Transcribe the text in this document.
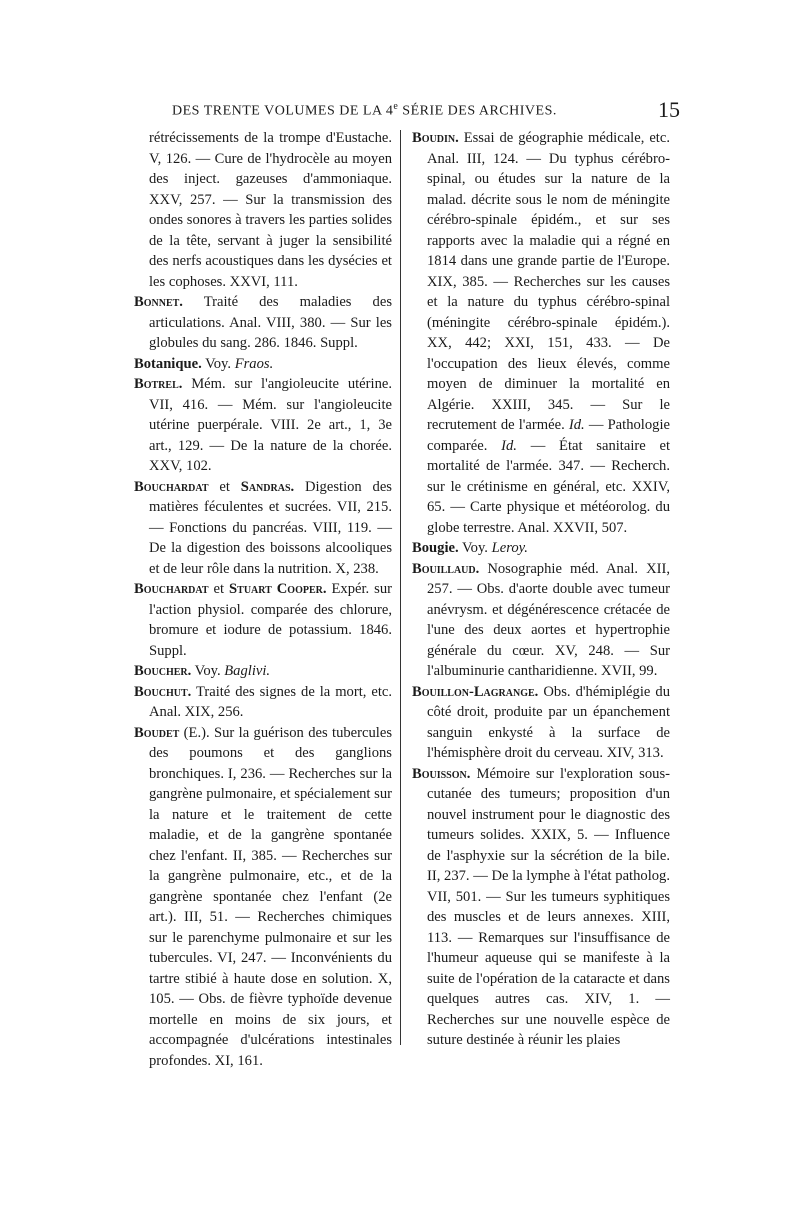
DES TRENTE VOLUMES DE LA 4e SÉRIE DES ARCHIVES.	15

rétrécissements de la trompe d'Eustache. V, 126. — Cure de l'hydrocèle au moyen des inject. gazeuses d'ammoniaque. XXV, 257. — Sur la transmission des ondes sonores à travers les parties solides de la tête, servant à juger la sensibilité des nerfs acoustiques dans les dysécies et les cophoses. XXVI, 111.

Bonnet. Traité des maladies des articulations. Anal. VIII, 380. — Sur les globules du sang. 286. 1846. Suppl.

Botanique. Voy. Fraos.

Botrel. Mém. sur l'angioleucite utérine. VII, 416. — Mém. sur l'angioleucite utérine puerpérale. VIII. 2e art., 1, 3e art., 129. — De la nature de la chorée. XXV, 102.

Bouchardat et Sandras. Digestion des matières féculentes et sucrées. VII, 215. — Fonctions du pancréas. VIII, 119. — De la digestion des boissons alcooliques et de leur rôle dans la nutrition. X, 238.

Bouchardat et Stuart Cooper. Expér. sur l'action physiol. comparée des chlorure, bromure et iodure de potassium. 1846. Suppl.

Boucher. Voy. Baglivi.

Bouchut. Traité des signes de la mort, etc. Anal. XIX, 256.

Boudet (E.). Sur la guérison des tubercules des poumons et des ganglions bronchiques. I, 236. — Recherches sur la gangrène pulmonaire, et spécialement sur la nature et le traitement de cette maladie, et de la gangrène spontanée chez l'enfant. II, 385. — Recherches sur la gangrène pulmonaire, etc., et de la gangrène spontanée chez l'enfant (2e art.). III, 51. — Recherches chimiques sur le parenchyme pulmonaire et sur les tubercules. VI, 247. — Inconvénients du tartre stibié à haute dose en solution. X, 105. — Obs. de fièvre typhoïde devenue mortelle en moins de six jours, et accompagnée d'ulcérations intestinales profondes. XI, 161.

Boudin. Essai de géographie médicale, etc. Anal. III, 124. — Du typhus cérébro-spinal, ou études sur la nature de la malad. décrite sous le nom de méningite cérébro-spinale épidém., et sur ses rapports avec la maladie qui a régné en 1814 dans une grande partie de l'Europe. XIX, 385. — Recherches sur les causes et la nature du typhus cérébro-spinal (méningite cérébro-spinale épidém.). XX, 442; XXI, 151, 433. — De l'occupation des lieux élevés, comme moyen de diminuer la mortalité en Algérie. XXIII, 345. — Sur le recrutement de l'armée. Id. — Pathologie comparée. Id. — État sanitaire et mortalité de l'armée. 347. — Recherch. sur le crétinisme en général, etc. XXIV, 65. — Carte physique et météorolog. du globe terrestre. Anal. XXVII, 507.

Bougie. Voy. Leroy.

Bouillaud. Nosographie méd. Anal. XII, 257. — Obs. d'aorte double avec tumeur anévrysm. et dégénérescence crétacée de l'une des deux aortes et hypertrophie générale du cœur. XV, 248. — Sur l'albuminurie cantharidienne. XVII, 99.

Bouillon-Lagrange. Obs. d'hémiplégie du côté droit, produite par un épanchement sanguin enkysté à la surface de l'hémisphère droit du cerveau. XIV, 313.

Bouisson. Mémoire sur l'exploration sous-cutanée des tumeurs; proposition d'un nouvel instrument pour le diagnostic des tumeurs solides. XXIX, 5. — Influence de l'asphyxie sur la sécrétion de la bile. II, 237. — De la lymphe à l'état patholog. VII, 501. — Sur les tumeurs syphitiques des muscles et de leurs annexes. XIII, 113. — Remarques sur l'insuffisance de l'humeur aqueuse qui se manifeste à la suite de l'opération de la cataracte et dans quelques autres cas. XIV, 1. — Recherches sur une nouvelle espèce de suture destinée à réunir les plaies
